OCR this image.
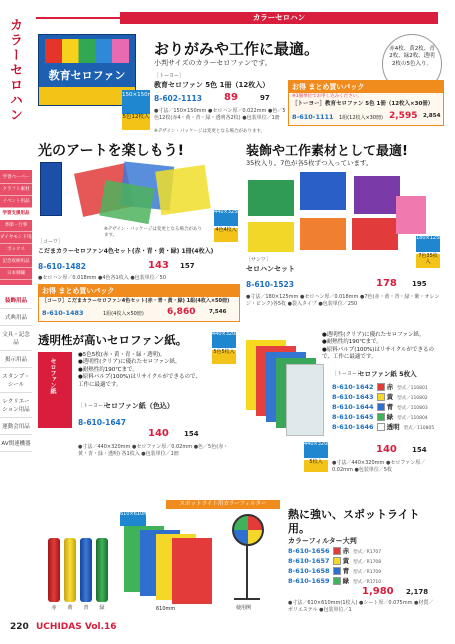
カラーセロハン
学習ペーパー
クラフト素材
イベント用品
学習支援用品
季節・行事
ダイヤモンド用品
ボックス
記念収納用品
日本刺繍
装飾用品
式典用品
文具・記念品
掲示用品
スタンプ・シール
レクリエーション用品
運動会用品
AV関連機器
カラーセロハン
教育セロファン
150×150mm
5色12枚入
おりがみや工作に最適。
小判サイズのカラーセロファンです。
赤4枚、黄2枚、青2枚、緑2枚、透明2枚の5色入り。
［トーヨー］
教育セロファン 5色 1冊（12枚入）
8-602-1113 89	97
●寸法／150×150mm ●セロハン厚／0.022mm ●色／5色12枚(赤4・黄・青・緑・透明各2枚) ●包装単位／1冊
※デザイン・パッケージは変更となる場合があります。
お得 まとめ買いパック
※1個単位でお申し込みください。
［トーヨー］教育セロファン 5色 1冊（12枚入×30冊）
8-610-1111 1組(12枚入×30冊) 2,595 2,854
光のアートを楽しもう!
440×325mm
4色4枚入
※デザイン・パッケージは変更となる場合があります。
［コーワ］
こだまカラーセロファン4色セット(赤・青・黄・緑) 1冊(4枚入)
8-610-1482	143 157
●セロハン厚／0.018mm ●4色各1枚入 ●包装単位／50
お得 まとめ買いパック
［コーワ］こだまカラーセロファン4色セット(赤・青・黄・緑) 1組(4枚入×50冊)
8-610-1483	1組(4枚入×50冊)	6,860 7,546
装飾や工作素材として最適!
35枚入り。7色が各5枚ずつ入っています。
180×125mm
7色35枚入
［サンワ］
セロハンセット
8-610-1523	178 195
●寸法／180×125mm ●セロハン厚／0.018mm ●7色(赤・黄・青・緑・紫・オレンジ・ピンク)各5枚 ●袋入タイプ ●包装単位／250
透明性が高いセロファン紙。
セロファン紙
●5色5枚(赤・黄・青・緑・透明)。
●透明性(クリア)に優れたセロファン紙。
●耐熱性約190℃まで。
●原料パルプ(100%)はリサイクルができるので、工作に最適です。
440×320mm
5色5枚入
［トーヨー］
セロファン紙（色込）
8-610-1647
140 154
●寸法／440×320mm ●セロファン厚／0.02mm ●色／5色(赤・黄・青・緑・透明) 各1枚入 ●包装単位／1冊
●透明性(クリア)に優れたセロファン紙。
●耐熱性約190℃まで。
●原料パルプ(100%)はリサイクルができるので、工作に最適です。
440×320mm
5枚入
［トーヨー］
セロファン紙 5枚入
8-610-1642 赤 型式／110801
8-610-1643 黄 型式／110802
8-610-1644 青 型式／110803
8-610-1645 緑 型式／110804
8-610-1646 透明 型式／110805
140 154
●寸法／440×320mm ●セロファン厚／0.02mm ●包装単位／5枚
スポットライト用カラーフィルター
赤 黄 青 緑
610×610mm
610mm	使用例
熱に強い、スポットライト用。
カラーフィルター大判
8-610-1656 赤 型式／R1707
8-610-1657 黄 型式／R1708
8-610-1658 青 型式／R1709
8-610-1659 緑 型式／R1710
1,980 2,178
●寸法／610×610mm(1枚入) ●シート厚／0.075mm ●材質／ポリエステル ●包装単位／1
220 UCHIDAS Vol.16
